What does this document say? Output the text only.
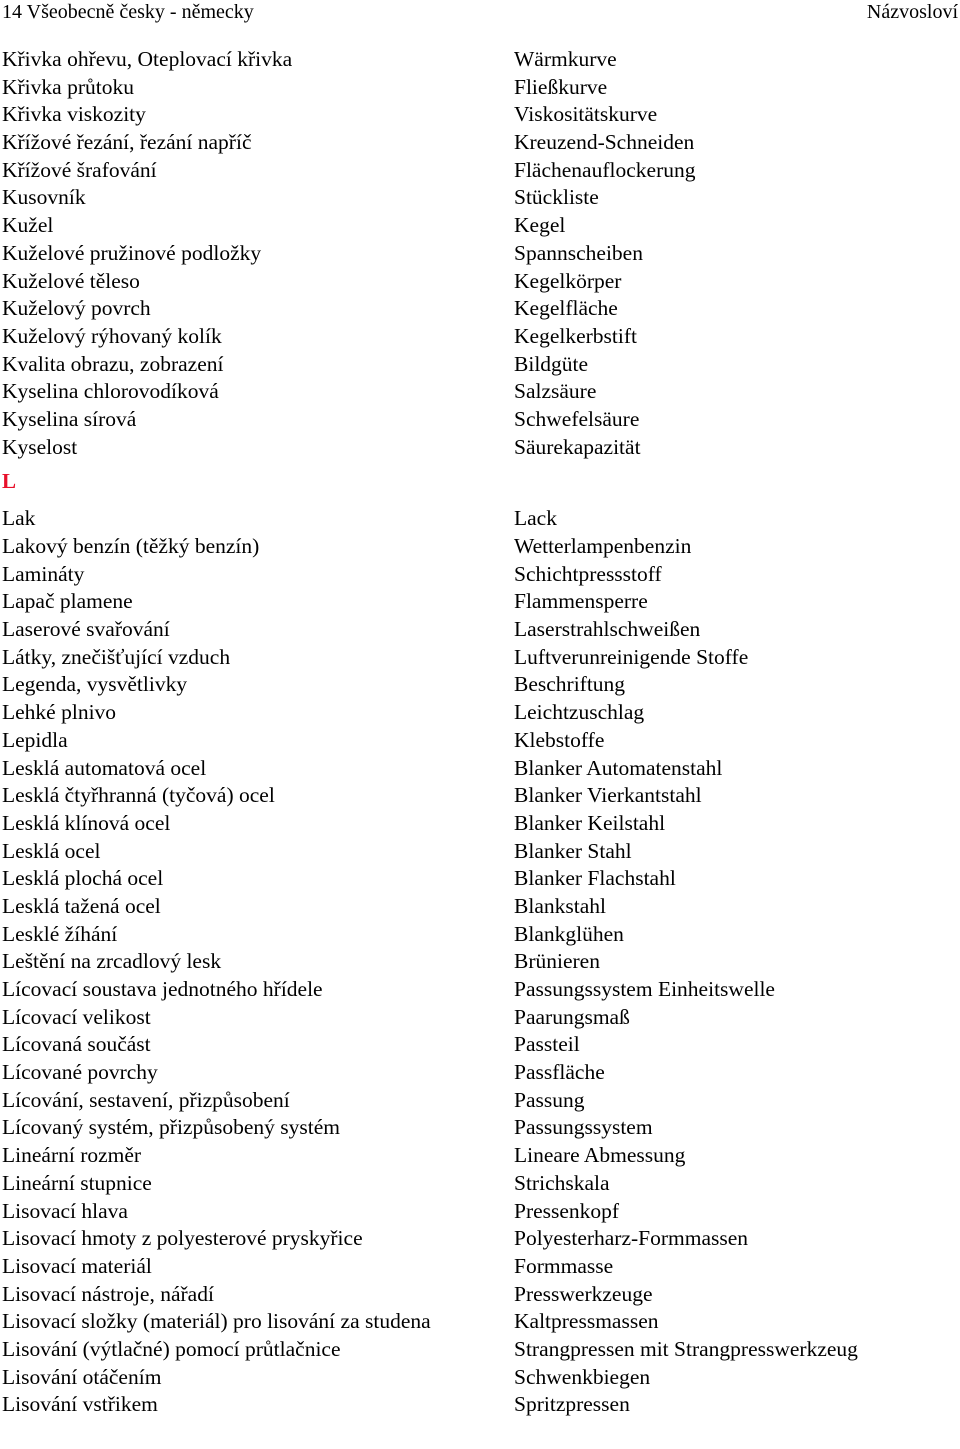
14 Všeobecně česky - německy	Názvosloví
Křivka ohřevu, Oteplovací křivka	Wärmkurve
Křivka průtoku	Fließkurve
Křivka viskozity	Viskositätskurve
Křížové řezání, řezání napříč	Kreuzend-Schneiden
Křížové šrafování	Flächenauflockerung
Kusovník	Stückliste
Kužel	Kegel
Kuželové pružinové podložky	Spannscheiben
Kuželové těleso	Kegelkörper
Kuželový povrch	Kegelfläche
Kuželový rýhovaný kolík	Kegelkerbstift
Kvalita obrazu, zobrazení	Bildgüte
Kyselina chlorovodíková	Salzsäure
Kyselina sírová	Schwefelsäure
Kyselost	Säurekapazität
L
Lak	Lack
Lakový benzín (těžký benzín)	Wetterlampenbenzin
Lamináty	Schichtpressstoff
Lapač plamene	Flammensperre
Laserové svařování	Laserstrahlschweißen
Látky, znečišťující vzduch	Luftverunreinigende Stoffe
Legenda, vysvětlivky	Beschriftung
Lehké plnivo	Leichtzuschlag
Lepidla	Klebstoffe
Lesklá automatová ocel	Blanker Automatenstahl
Lesklá čtyřhranná (tyčová) ocel	Blanker Vierkantstahl
Lesklá klínová ocel	Blanker Keilstahl
Lesklá ocel	Blanker Stahl
Lesklá plochá ocel	Blanker Flachstahl
Lesklá tažená ocel	Blankstahl
Lesklé žíhání	Blankglühen
Leštění na zrcadlový lesk	Brünieren
Lícovací soustava jednotného hřídele	Passungssystem Einheitswelle
Lícovací velikost	Paarungsmaß
Lícovaná součást	Passteil
Lícované povrchy	Passfläche
Lícování, sestavení, přizpůsobení	Passung
Lícovaný systém, přizpůsobený systém	Passungssystem
Lineární rozměr	Lineare Abmessung
Lineární stupnice	Strichskala
Lisovací hlava	Pressenkopf
Lisovací hmoty z polyesterové pryskyřice	Polyesterharz-Formmassen
Lisovací materiál	Formmasse
Lisovací nástroje, nářadí	Presswerkzeuge
Lisovací složky (materiál) pro lisování za studena	Kaltpressmassen
Lisování (výtlačné) pomocí průtlačnice	Strangpressen mit Strangpresswerkzeug
Lisování otáčením	Schwenkbiegen
Lisování vstřikem	Spritzpressen
